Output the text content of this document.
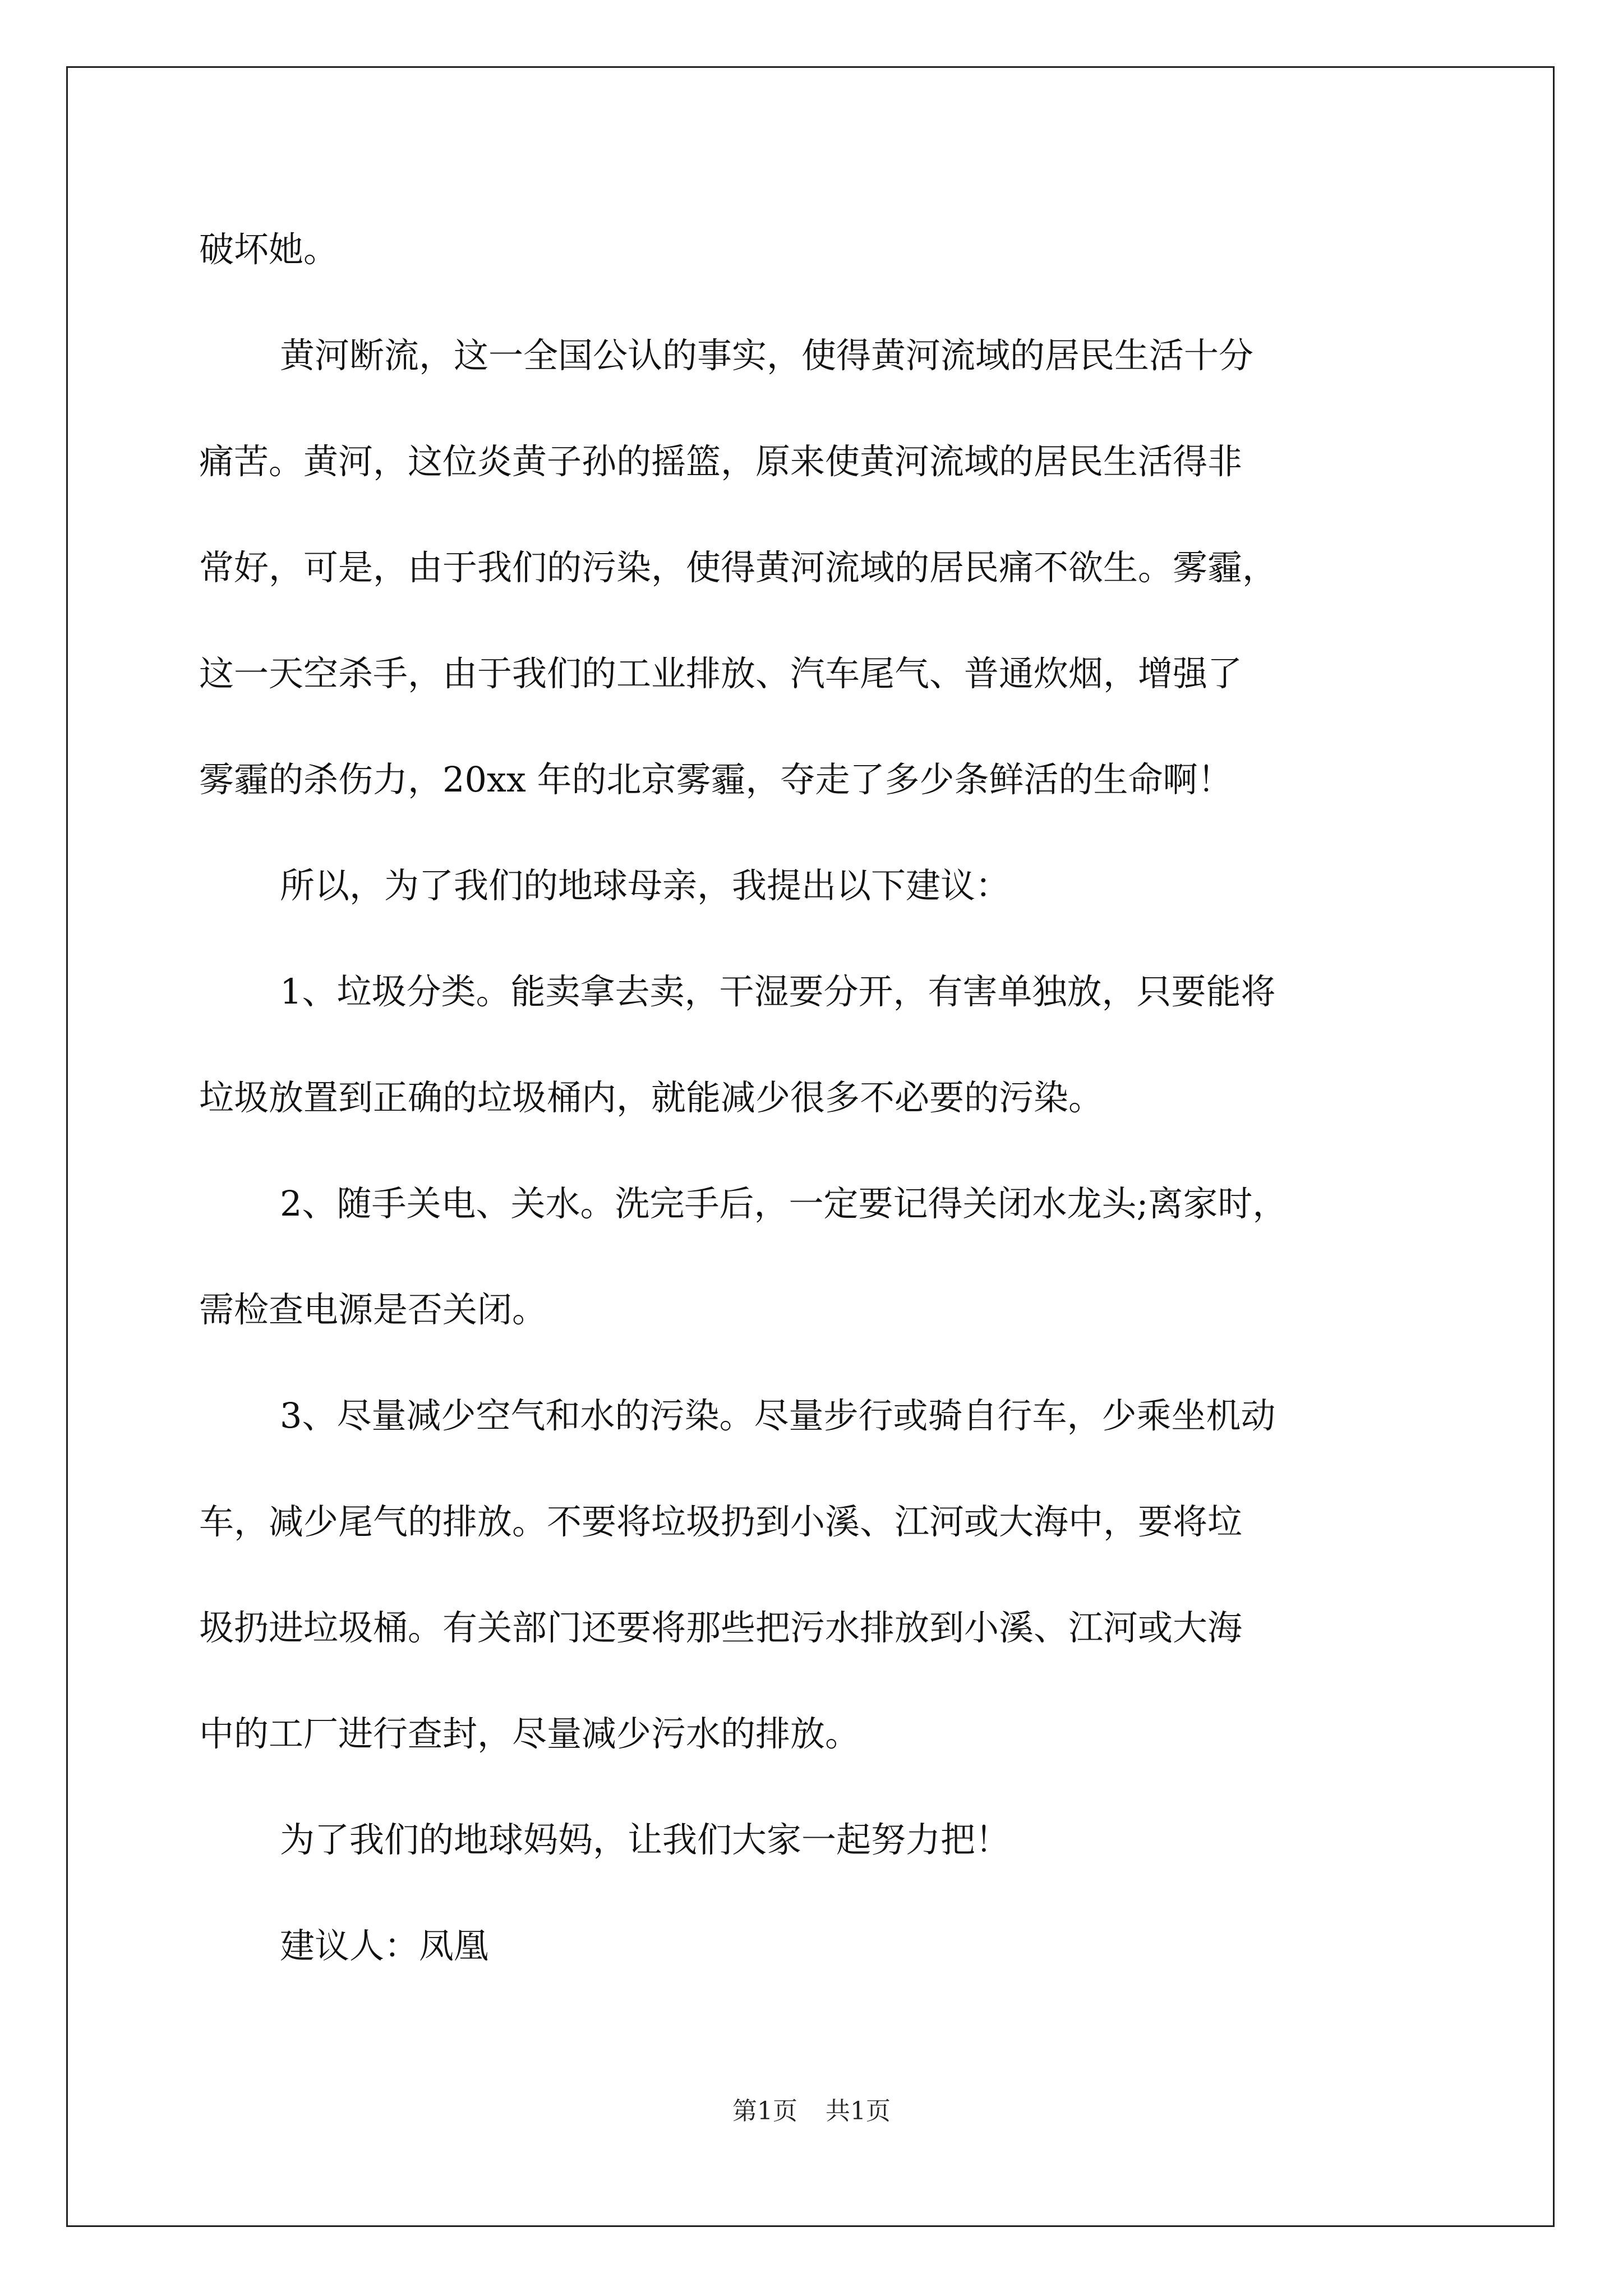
破坏她。
黄河断流，这一全国公认的事实，使得黄河流域的居民生活十分
痛苦。黄河，这位炎黄子孙的摇篮，原来使黄河流域的居民生活得非
常好，可是，由于我们的污染，使得黄河流域的居民痛不欲生。雾霾，
这一天空杀手，由于我们的工业排放、汽车尾气、普通炊烟，增强了
雾霾的杀伤力，20xx 年的北京雾霾，夺走了多少条鲜活的生命啊！
所以，为了我们的地球母亲，我提出以下建议：
1、垃圾分类。能卖拿去卖，干湿要分开，有害单独放，只要能将
垃圾放置到正确的垃圾桶内，就能减少很多不必要的污染。
2、随手关电、关水。洗完手后，一定要记得关闭水龙头;离家时，
需检查电源是否关闭。
3、尽量减少空气和水的污染。尽量步行或骑自行车，少乘坐机动
车，减少尾气的排放。不要将垃圾扔到小溪、江河或大海中，要将垃
圾扔进垃圾桶。有关部门还要将那些把污水排放到小溪、江河或大海
中的工厂进行查封，尽量减少污水的排放。
为了我们的地球妈妈，让我们大家一起努力把！
建议人：凤凰
第1页 共1页
